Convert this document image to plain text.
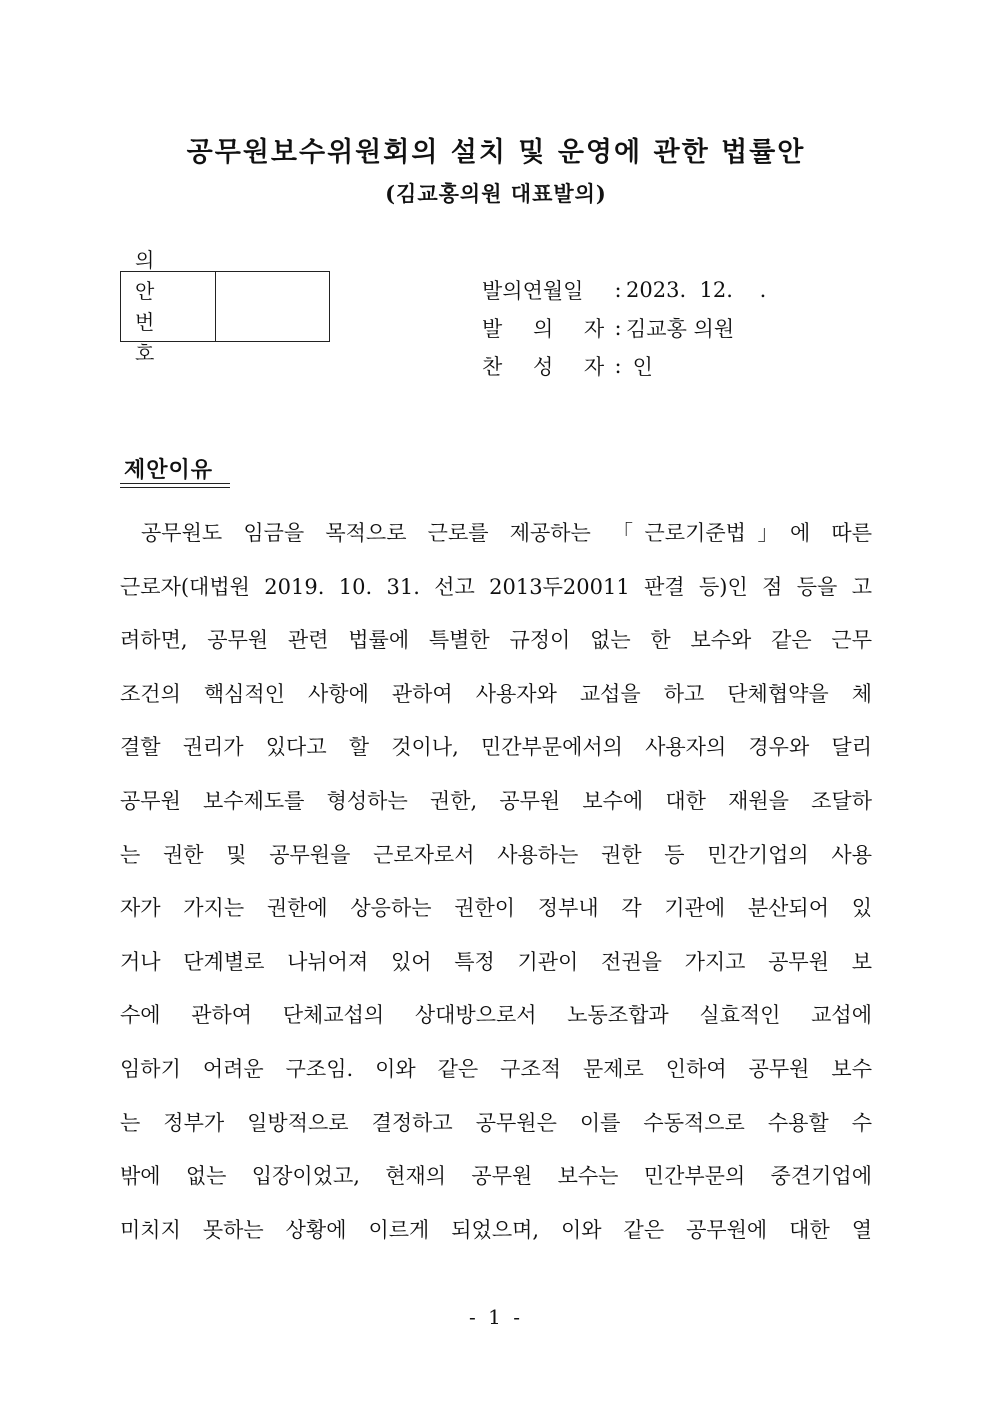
공무원보수위원회의 설치 및 운영에 관한 법률안
(김교홍의원 대표발의)
의 안
번 호
발의연월일	: 2023.  12.    .
발 의 자
: 김교홍 의원
찬 성 자
: 인
제안이유
공무원도 임금을 목적으로 근로를 제공하는 「근로기준법」에 따른
근로자(대법원 2019. 10. 31. 선고 2013두20011 판결 등)인 점 등을 고
려하면, 공무원 관련 법률에 특별한 규정이 없는 한 보수와 같은 근무
조건의 핵심적인 사항에 관하여 사용자와 교섭을 하고 단체협약을 체
결할 권리가 있다고 할 것이나, 민간부문에서의 사용자의 경우와 달리
공무원 보수제도를 형성하는 권한, 공무원 보수에 대한 재원을 조달하
는 권한 및 공무원을 근로자로서 사용하는 권한 등 민간기업의 사용
자가 가지는 권한에 상응하는 권한이 정부내 각 기관에 분산되어 있
거나 단계별로 나뉘어져 있어 특정 기관이 전권을 가지고 공무원 보
수에 관하여 단체교섭의 상대방으로서 노동조합과 실효적인 교섭에
임하기 어려운 구조임. 이와 같은 구조적 문제로 인하여 공무원 보수
는 정부가 일방적으로 결정하고 공무원은 이를 수동적으로 수용할 수
밖에 없는 입장이었고, 현재의 공무원 보수는 민간부문의 중견기업에
미치지 못하는 상황에 이르게 되었으며, 이와 같은 공무원에 대한 열
- 1 -
